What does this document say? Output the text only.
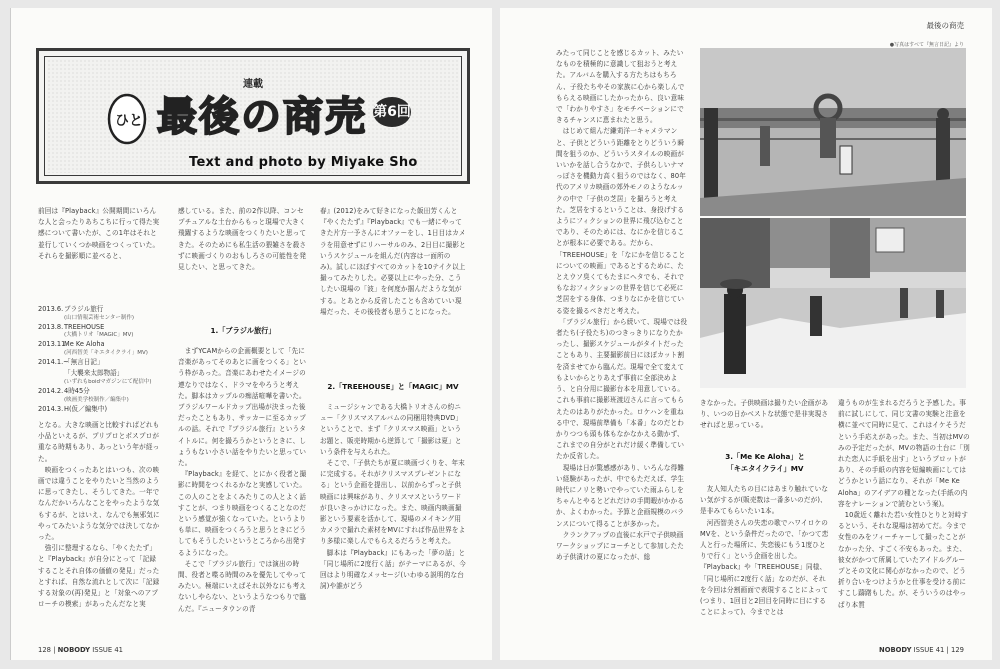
ひと
連載
最後の商売 第6回
Text and photo by Miyake Sho
前回は『Playback』公開期間にいろんな人と会ったりあちこちに行って得た実感について書いたが、この1年はそれと並行していくつか映画をつくっていた。それらを撮影順に並べると、
2013.6.ブラジル旅行
(山口情報芸術センター制作)
2013.8.TREEHOUSE
(大橋トリオ「MAGIC」MV)
2013.11.Me Ke Aloha
(河西智美「キエタイクライ」MV)
2014.1.~「無言日記」
「大襲来太郎物語」
(いずれもboidマガジンにて配信中)
2014.2.4時45分
(映画美学校制作／編集中)
2014.3.H(仮／編集中)
となる。大きな映画と比較すればどれも小品といえるが、プリプロとポスプロが重なる時期もあり、あっという年が経った。
　映画をつくったあとはいつも、次の映画では違うことをやりたいと当然のように思ってきたし、そうしてきた。一年でなんだかいろんなことをやったような気もするが、とはいえ、なんでも無邪気にやってみたいような気分では決してなかった。
　強引に整理するなら、「やくたたず」と『Playback』が自分にとって「記録することそれ自体の価値の発見」だったとすれば、自然な流れとして次に「記録する対象の(再)発見」と「対象へのアプローチの模索」があったんだなと実
感している。また、前の2作以降、コンセプチュアルな土台からもっと現場で大きく飛躍するような映画をつくりたいと思ってきた。そのためにも私生活の猥雑さを殺さずに映画づくりのおもしろさの可能性を発見したい、と思ってきた。
1.「ブラジル旅行」
　まずYCAMからの企画概要として「先に音楽があってそのあとに画をつくる」という枠があった。音楽にあわせたイメージの連なりではなく、ドラマをやろうと考えた。脚本はカップルの痴話喧嘩を書いた。ブラジルワールドカップ出場が決まった後だったこともあり、サッカーに至るカップルの話。それで『ブラジル旅行』というタイトルに。何を撮ろうかというときに、しょうもない小さい話をやりたいと思っていた。
　『Playback』を経て、とにかく役者と撮影に時間をつくれるかなと実感していた。この人のことをよくみたりこの人とよく話すことが、つまり映画をつくることなのだという感覚が強くなっていた。というよりも単に、映画をつくろうと思うときにどうしてもそうしたいというところから出発するようになった。
　そこで「ブラジル旅行」では演出の時間、役者と喋る時間のみを優先してやってみたい。極端にいえばそれ以外なにも考えないしやらない、というようなつもりで臨んだ。『ニュータウンの青
春』(2012)をみて好きになった飯田芳くんと『やくたたず』『Playback』でも一緒にやってきた片方一予さんにオファーをし、1日目はカメラを用意せずにリハーサルのみ、2日目に撮影というスケジュールを組んだ(内容は一面所のみ)。試しにほぼすべてのカットを10テイク以上撮ってみたりした。必要以上にやった分、こうしたい現場の「波」を何度か掴んだような気がする。とあとから反省したことも含めていい現場だった、その後役者も思うことになった。
2.「TREEHOUSE」と「MAGIC」MV
　ミュージシャンである大橋トリオさんの約ニュー「クリスマスアルバムの同梱用特典DVD」ということで、まず「クリスマス映画」というお題と、販売時期から逆算して「撮影は夏」という条件を与えられた。
　そこで、「子供たちが夏に映画づくりを、年末に完成する。それがクリスマスプレゼントになる」という企画を提出し、以前からずっと子供映画には興味があり、クリスマスというワードが良いきっかけになった。また、映画内映画撮影という要素を活かして、現場のメイキング用カメラで撮れた素材をMVにすれば作品世界をより多様に楽しんでもらえるだろうと考えた。
　脚本は『Playback』にもあった「夢の話」と「同じ場所に2度行く話」がテーマにあるが、今回はより明確なメッセージ(いわゆる説明的な台詞)や誰がどう
128 | NOBODY ISSUE 41
最後の商売
●写真はすべて『無言日記』より
みたって同じことを感じるカット、みたいなものを積極的に意識して狙おうと考えた。アルバムを購入する方たちはもちろん、子役たちやその家族に心から楽しんでもらえる映画にしたかったから、良い意味で「わかりやすさ」をモチベーションにできるチャンスに恵まれたと思う。
　はじめて組んだ鎌苅洋一キャメラマンと、子供とどういう距離をとりどういう瞬間を狙うのか、どういうスタイルの映画がいいかを話し合うなかで、子供らしいナマっぽさを機動力高く狙うのではなく、80年代のアメリカ映画の郊外モノのようなルックの中で「子供の芝居」を撮ろうと考えた。芝居をするということは、身投げするようにフィクションの世界に飛び込むことであり、そのためには、なにかを信じることが根本に必要である。だから、「TREEHOUSE」を「なにかを信じることについての映画」であるとするために、たとえウソ臭くてもたまにヘタでも、それでもなおフィクションの世界を信じて必死に芝居をする身体、つまりなにかを信じている姿を撮るべきだと考えた。
　「ブラジル旅行」から続いて、現場では役者たち(子役たち)のつきっきりになりたかったし、撮影スケジュールがタイトだったこともあり、主要撮影前日にほぼカット割を済ませてから臨んだ。現場で全て変えてもよいからとりあえず事前に全部決めよう、と自分用に撮影台本を用意している。これも事前に撮影班渡辺さんに言ってもらえたのはありがたかった。ロケハンを重ねる中で、現場前準備も「本番」なのだとわかりつつも頭も体もなかなかえる動かず、これまでの自分がとれだけ緩く準備していたか反省した。
　現場は日が驚感感があり、いろんな得難い経験があったが、中でもただえば、学生時代にノリと勢いでやっていた雨ふらしをちゃんとやるとどれだけの手間暇がかかるか、よくわかった。予算と企画規模のバランスについて得ることが多かった。
　クランクアップの直後に水戸で子供映画ワークショップにコーチとして参加したため子供漬けの夏になったが、総
きなかった。子供映画は撮りたい企画があり、いつの日かベストな状態で是非実現させればと思っている。
3.「Me Ke Aloha」と
「キエタイクライ」MV
　友人知人たちの目にはあまり触れていない気がするが(販売数は一番多いのだが)、是非みてもらいたい1本。
　河西智美さんの失恋の歌でハワイロケのMVを、という条件だったので、「かつて恋人と行った場所に、失恋後にもう1度ひとりで行く」という企画を出した。『Playback』や「TREEHOUSE」同様、「同じ場所に2度行く話」なのだが、それを今回は分割画面で表現することによって(つまり、1回目と2回目を同時に目にすることによって)、今までとは
違うものが生まれるだろうと予感した。事前に試しにして、同じ文書の実験と注意を横に並べて同時に見て、これはイケそうだという手応えがあった。また、当初はMVのみの予定だったが、MVの物語の土台に「別れた恋人に手紙を出す」というプロットがあり、その手紙の内容を短編映画にしてはどうかという話になり、それが「Me Ke Aloha」のアイデアの種となった(手紙の内容をナレーションで読むという案)。
　10歳近く離れた若い女性ひとりと対峙するという、それな現場は初めてだ。今まで女性のみをフィーチャーして撮ったことがなかった分、すごく不安もあった。また、彼女がかつて所属していたアイドルグループとその文化に関心がなかったので、どう折り合いをつけようかと仕事を受ける前にすこし躊躇もした。が、そういうのはやっぱり本質
NOBODY ISSUE 41 | 129
